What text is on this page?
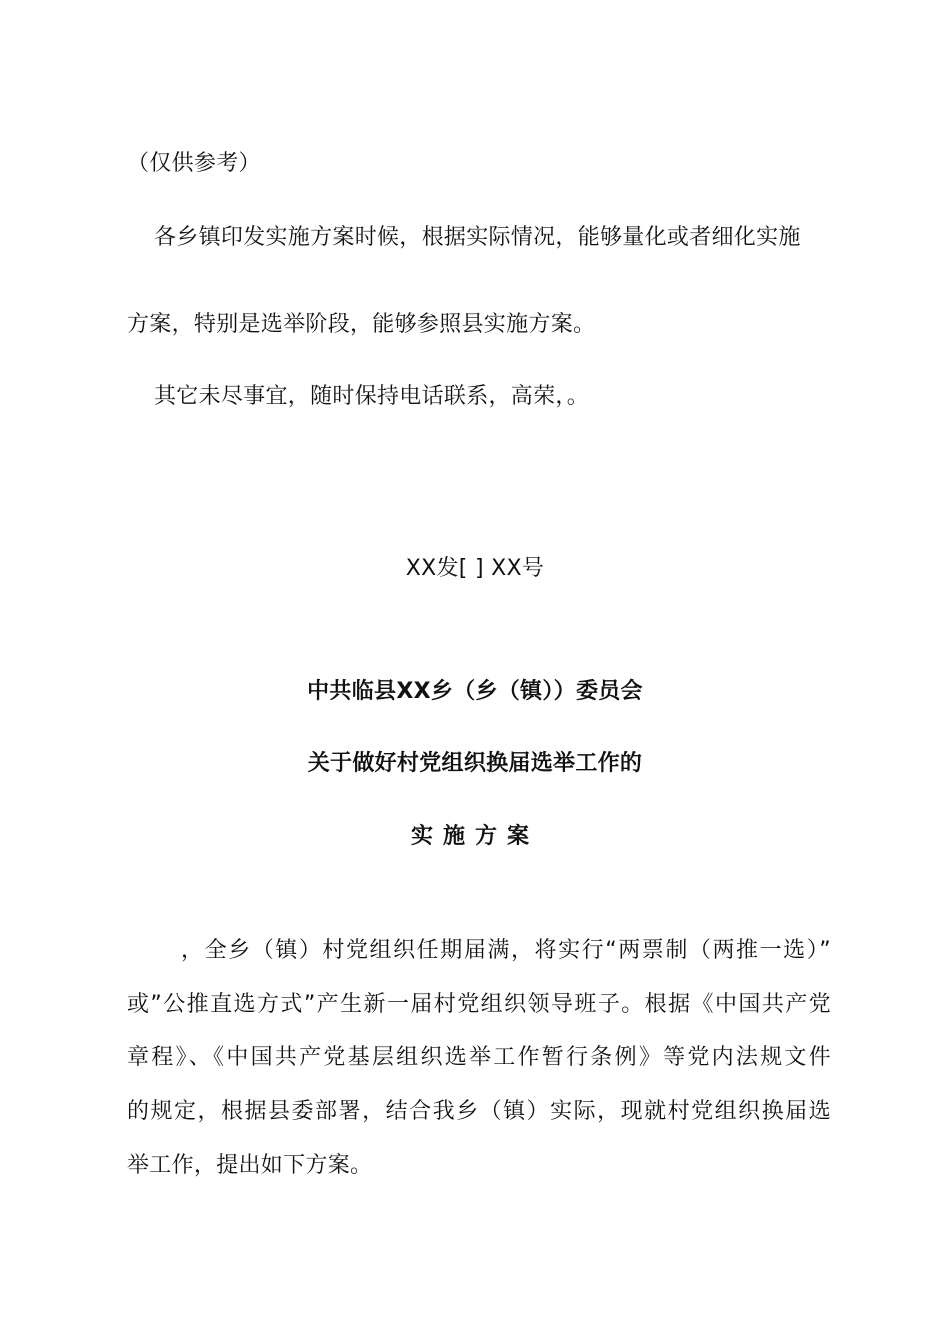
（仅供参考）
各乡镇印发实施方案时候，根据实际情况，能够量化或者细化实施
方案，特别是选举阶段，能够参照县实施方案。
其它未尽事宜，随时保持电话联系，高荣，。
XX发[ ] XX号
中共临县XX乡（乡（镇））委员会
关于做好村党组织换届选举工作的
实施方案
，全乡（镇）村党组织任期届满，将实行“两票制（两推一选）”
或”公推直选方式”产生新一届村党组织领导班子。根据《中国共产党
章程》、《中国共产党基层组织选举工作暂行条例》等党内法规文件
的规定，根据县委部署，结合我乡（镇）实际，现就村党组织换届选
举工作，提出如下方案。
